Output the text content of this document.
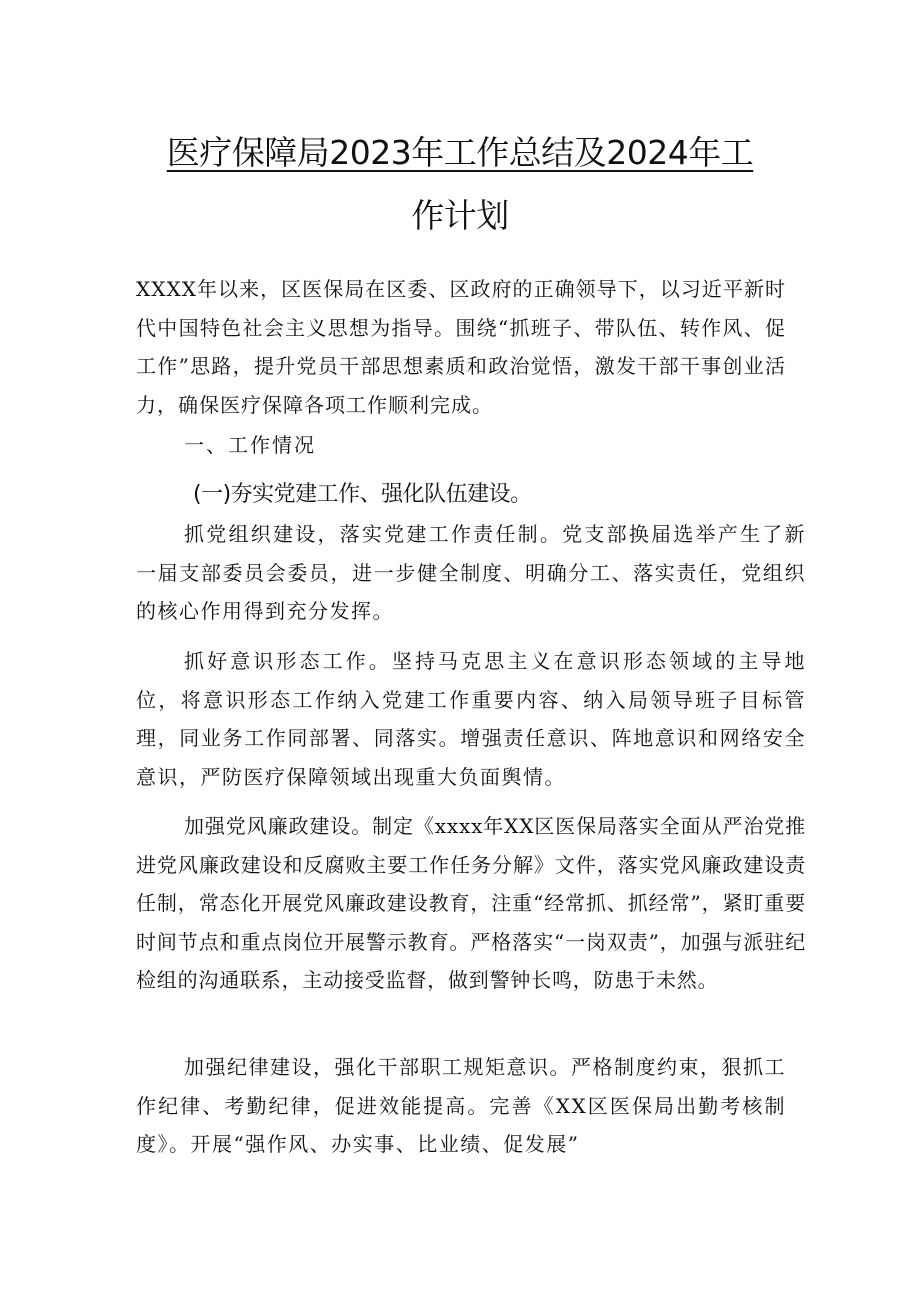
医疗保障局2023年工作总结及2024年工
作计划

XXXX年以来，区医保局在区委、区政府的正确领导下，以习近平新时代中国特色社会主义思想为指导。围绕“抓班子、带队伍、转作风、促工作”思路，提升党员干部思想素质和政治觉悟，激发干部干事创业活力，确保医疗保障各项工作顺利完成。

一、工作情况
(一)夯实党建工作、强化队伍建设。

抓党组织建设，落实党建工作责任制。党支部换届选举产生了新一届支部委员会委员，进一步健全制度、明确分工、落实责任，党组织的核心作用得到充分发挥。

抓好意识形态工作。坚持马克思主义在意识形态领域的主导地位，将意识形态工作纳入党建工作重要内容、纳入局领导班子目标管理，同业务工作同部署、同落实。增强责任意识、阵地意识和网络安全意识，严防医疗保障领域出现重大负面舆情。

加强党风廉政建设。制定《xxxx年XX区医保局落实全面从严治党推进党风廉政建设和反腐败主要工作任务分解》文件，落实党风廉政建设责任制，常态化开展党风廉政建设教育，注重“经常抓、抓经常”，紧盯重要时间节点和重点岗位开展警示教育。严格落实“一岗双责”，加强与派驻纪检组的沟通联系，主动接受监督，做到警钟长鸣，防患于未然。

加强纪律建设，强化干部职工规矩意识。严格制度约束，狠抓工作纪律、考勤纪律，促进效能提高。完善《XX区医保局出勤考核制度》。开展“强作风、办实事、比业绩、促发展”
